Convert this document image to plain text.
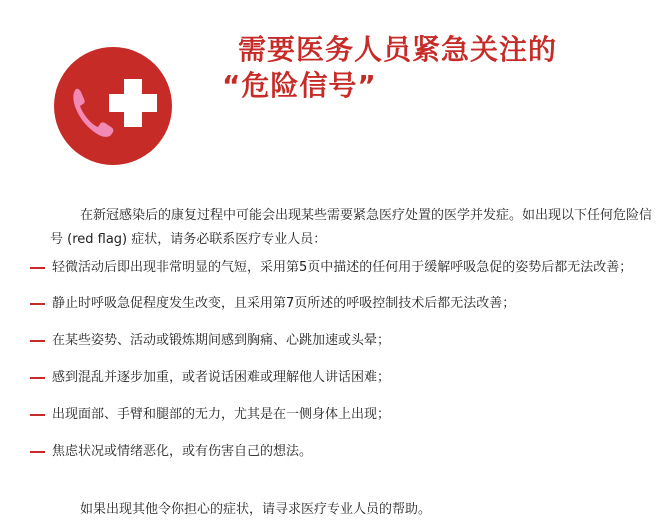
需要医务人员紧急关注的
“危险信号”

在新冠感染后的康复过程中可能会出现某些需要紧急医疗处置的医学并发症。如出现以下任何危险信号 (red flag) 症状，请务必联系医疗专业人员：

轻微活动后即出现非常明显的气短，采用第5页中描述的任何用于缓解呼吸急促的姿势后都无法改善；
静止时呼吸急促程度发生改变，且采用第7页所述的呼吸控制技术后都无法改善；
在某些姿势、活动或锻炼期间感到胸痛、心跳加速或头晕；
感到混乱并逐步加重，或者说话困难或理解他人讲话困难；
出现面部、手臂和腿部的无力，尤其是在一侧身体上出现；
焦虑状况或情绪恶化，或有伤害自己的想法。

如果出现其他令你担心的症状，请寻求医疗专业人员的帮助。
